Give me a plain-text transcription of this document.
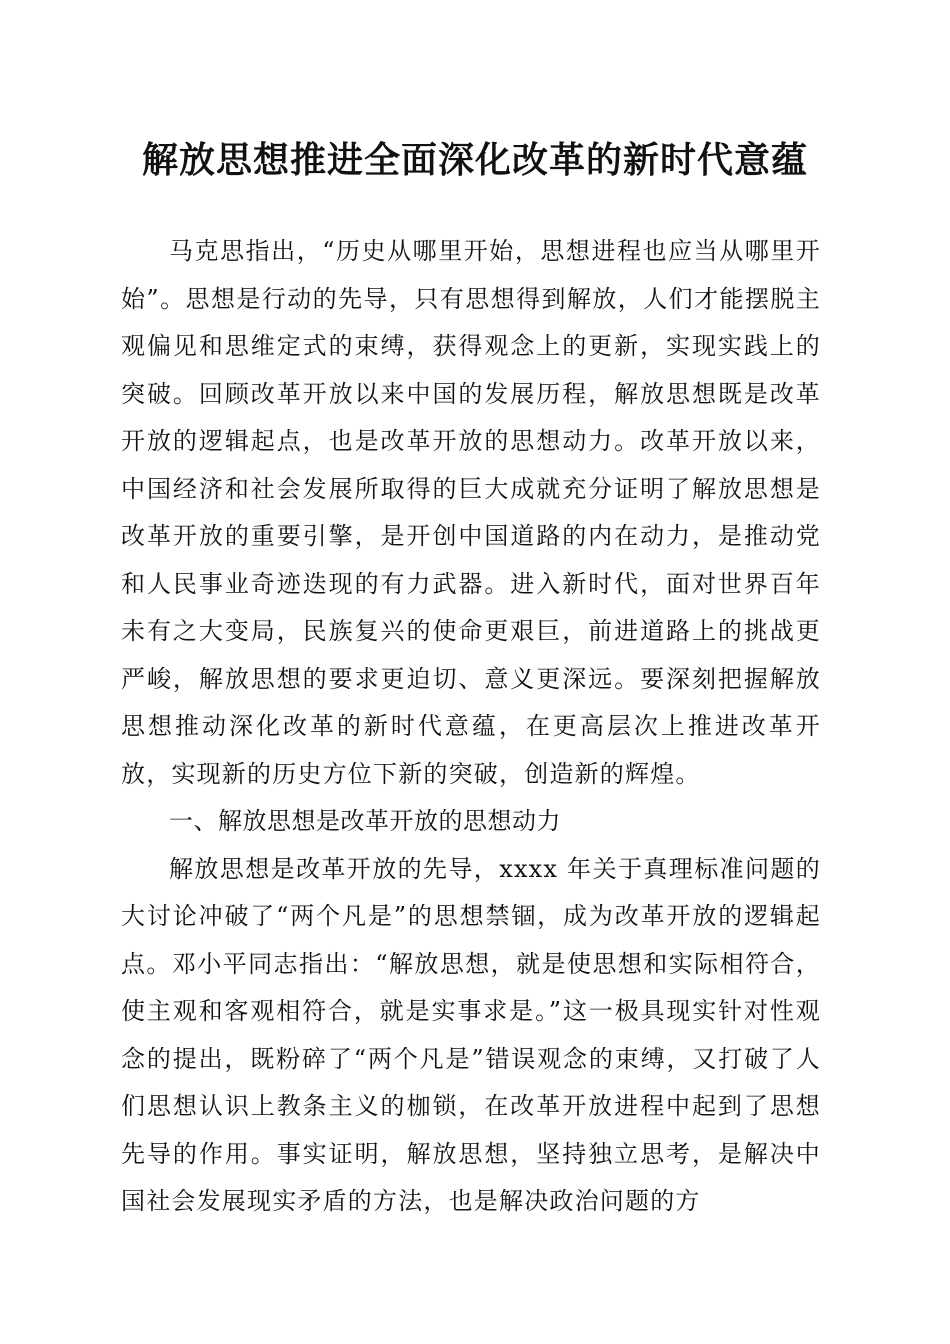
解放思想推进全面深化改革的新时代意蕴

马克思指出，“历史从哪里开始，思想进程也应当从哪里开始”。思想是行动的先导，只有思想得到解放，人们才能摆脱主观偏见和思维定式的束缚，获得观念上的更新，实现实践上的突破。回顾改革开放以来中国的发展历程，解放思想既是改革开放的逻辑起点，也是改革开放的思想动力。改革开放以来，中国经济和社会发展所取得的巨大成就充分证明了解放思想是改革开放的重要引擎，是开创中国道路的内在动力，是推动党和人民事业奇迹迭现的有力武器。进入新时代，面对世界百年未有之大变局，民族复兴的使命更艰巨，前进道路上的挑战更严峻，解放思想的要求更迫切、意义更深远。要深刻把握解放思想推动深化改革的新时代意蕴，在更高层次上推进改革开放，实现新的历史方位下新的突破，创造新的辉煌。

一、解放思想是改革开放的思想动力

解放思想是改革开放的先导，xxxx 年关于真理标准问题的大讨论冲破了“两个凡是”的思想禁锢，成为改革开放的逻辑起点。邓小平同志指出：“解放思想，就是使思想和实际相符合，使主观和客观相符合，就是实事求是。”这一极具现实针对性观念的提出，既粉碎了“两个凡是”错误观念的束缚，又打破了人们思想认识上教条主义的枷锁，在改革开放进程中起到了思想先导的作用。事实证明，解放思想，坚持独立思考，是解决中国社会发展现实矛盾的方法，也是解决政治问题的方
